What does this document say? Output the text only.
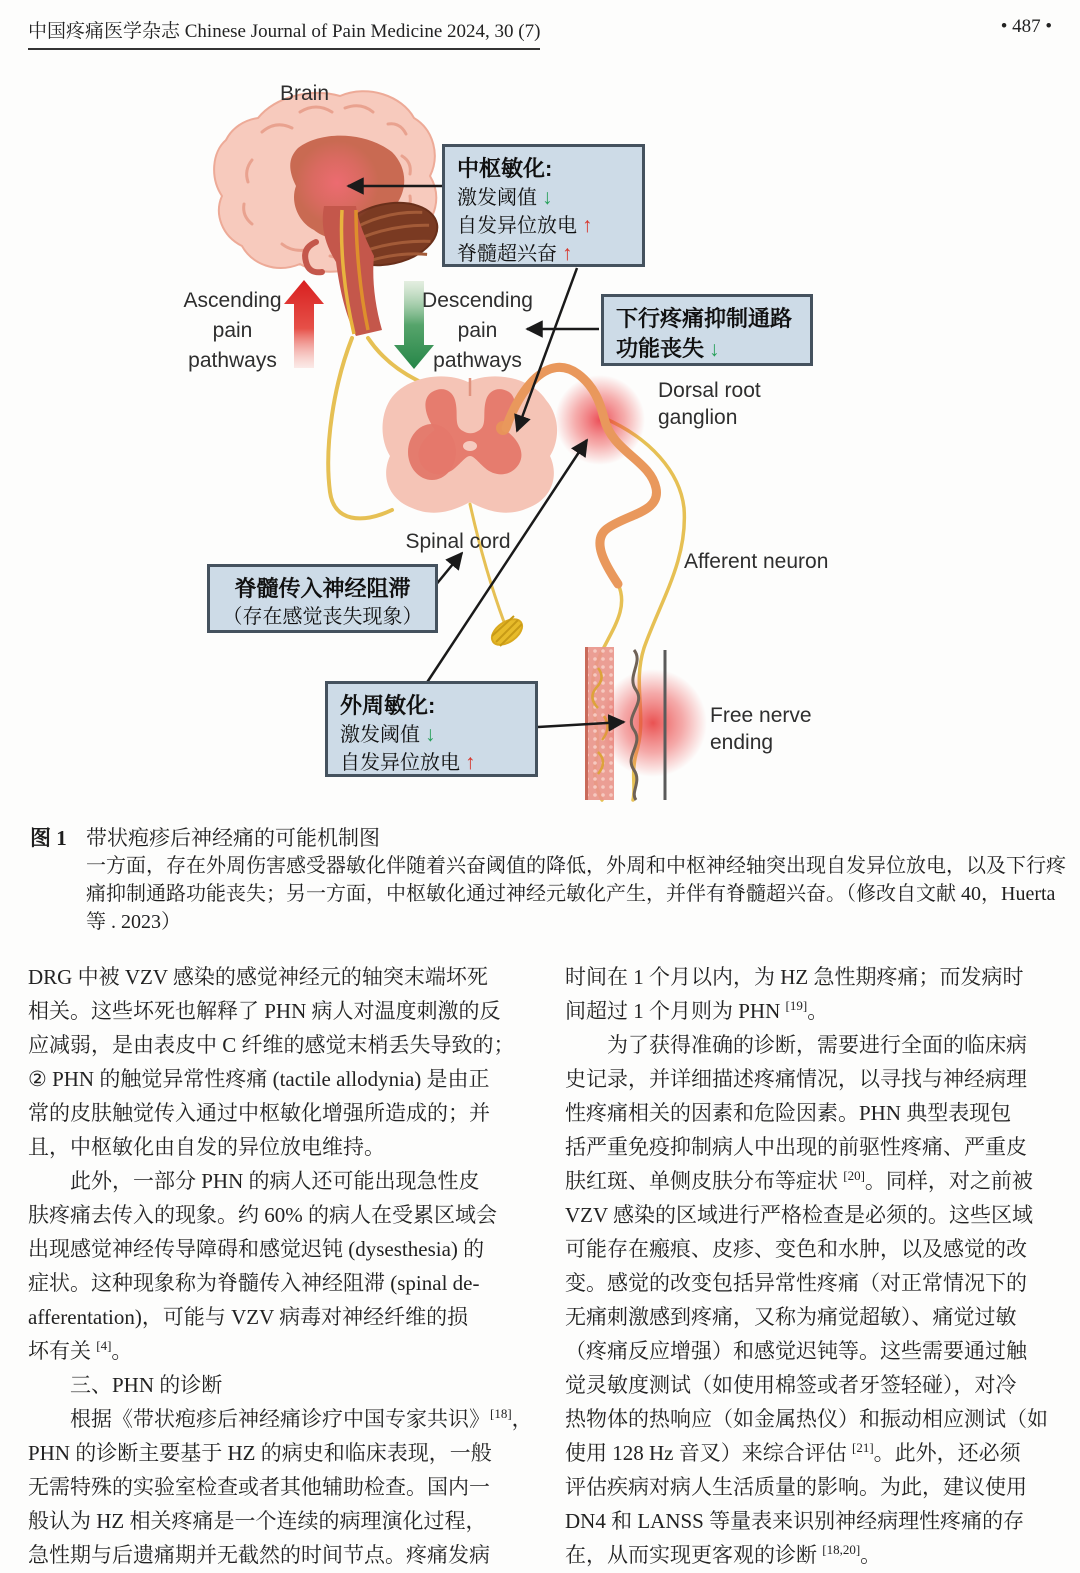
中国疼痛医学杂志 Chinese Journal of Pain Medicine 2024, 30 (7)	• 487 •
Brain
Ascending
pain
pathways
Descending
pain
pathways
Dorsal root
ganglion
Spinal cord
Afferent neuron
Free nerve
ending
中枢敏化:
激发阈值 ↓
自发异位放电 ↑
脊髓超兴奋 ↑
下行疼痛抑制通路
功能丧失 ↓
脊髓传入神经阻滞
（存在感觉丧失现象）
外周敏化:
激发阈值 ↓
自发异位放电 ↑
图 1 带状疱疹后神经痛的可能机制图
一方面，存在外周伤害感受器敏化伴随着兴奋阈值的降低，外周和中枢神经轴突出现自发异位放电，以及下行疼
痛抑制通路功能丧失；另一方面，中枢敏化通过神经元敏化产生，并伴有脊髓超兴奋。（修改自文献 40，Huerta
等 . 2023）
DRG 中被 VZV 感染的感觉神经元的轴突末端坏死
相关。这些坏死也解释了 PHN 病人对温度刺激的反
应减弱，是由表皮中 C 纤维的感觉末梢丢失导致的；
② PHN 的触觉异常性疼痛 (tactile allodynia) 是由正
常的皮肤触觉传入通过中枢敏化增强所造成的；并
且，中枢敏化由自发的异位放电维持。
　　此外，一部分 PHN 的病人还可能出现急性皮
肤疼痛去传入的现象。约 60% 的病人在受累区域会
出现感觉神经传导障碍和感觉迟钝 (dysesthesia) 的
症状。这种现象称为脊髓传入神经阻滞 (spinal de-
afferentation)，可能与 VZV 病毒对神经纤维的损
坏有关 [4]。
　　三、PHN 的诊断
　　根据《带状疱疹后神经痛诊疗中国专家共识》[18]，
PHN 的诊断主要基于 HZ 的病史和临床表现，一般
无需特殊的实验室检查或者其他辅助检查。国内一
般认为 HZ 相关疼痛是一个连续的病理演化过程，
急性期与后遗痛期并无截然的时间节点。疼痛发病
时间在 1 个月以内，为 HZ 急性期疼痛；而发病时
间超过 1 个月则为 PHN [19]。
　　为了获得准确的诊断，需要进行全面的临床病
史记录，并详细描述疼痛情况，以寻找与神经病理
性疼痛相关的因素和危险因素。PHN 典型表现包
括严重免疫抑制病人中出现的前驱性疼痛、严重皮
肤红斑、单侧皮肤分布等症状 [20]。同样，对之前被
VZV 感染的区域进行严格检查是必须的。这些区域
可能存在瘢痕、皮疹、变色和水肿，以及感觉的改
变。感觉的改变包括异常性疼痛（对正常情况下的
无痛刺激感到疼痛，又称为痛觉超敏）、痛觉过敏
（疼痛反应增强）和感觉迟钝等。这些需要通过触
觉灵敏度测试（如使用棉签或者牙签轻碰），对冷
热物体的热响应（如金属热仪）和振动相应测试（如
使用 128 Hz 音叉）来综合评估 [21]。此外，还必须
评估疾病对病人生活质量的影响。为此，建议使用
DN4 和 LANSS 等量表来识别神经病理性疼痛的存
在，从而实现更客观的诊断 [18,20]。
